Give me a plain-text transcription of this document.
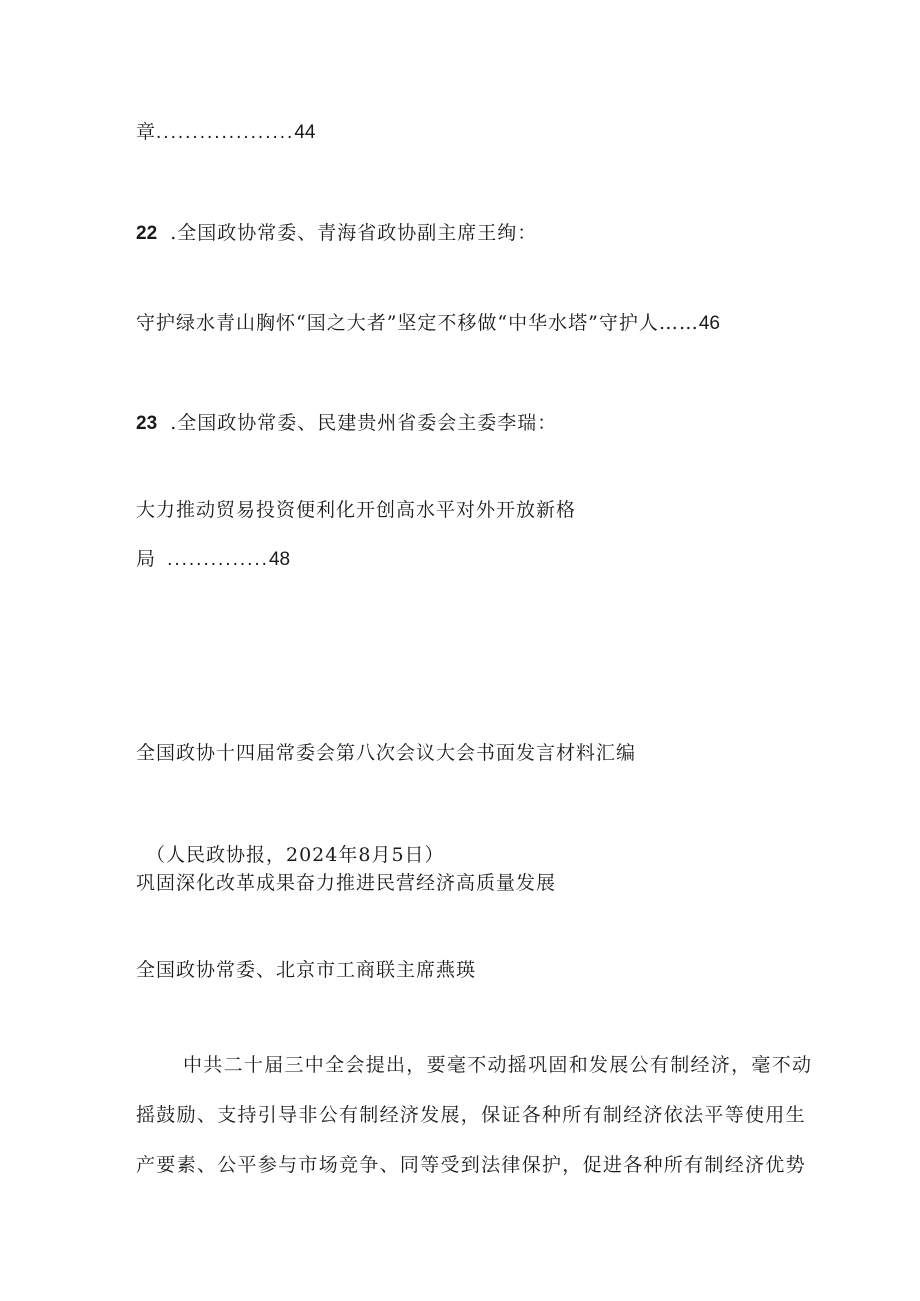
章...................44
22 .全国政协常委、青海省政协副主席王绚：
守护绿水青山胸怀“国之大者”坚定不移做“中华水塔”守护人……46
23 .全国政协常委、民建贵州省委会主委李瑞：
大力推动贸易投资便利化开创高水平对外开放新格
局 ..............48
全国政协十四届常委会第八次会议大会书面发言材料汇编
（人民政协报，2024年8月5日）
巩固深化改革成果奋力推进民营经济高质量发展
全国政协常委、北京市工商联主席燕瑛
中共二十届三中全会提出，要毫不动摇巩固和发展公有制经济，毫不动
摇鼓励、支持引导非公有制经济发展，保证各种所有制经济依法平等使用生
产要素、公平参与市场竞争、同等受到法律保护，促进各种所有制经济优势
